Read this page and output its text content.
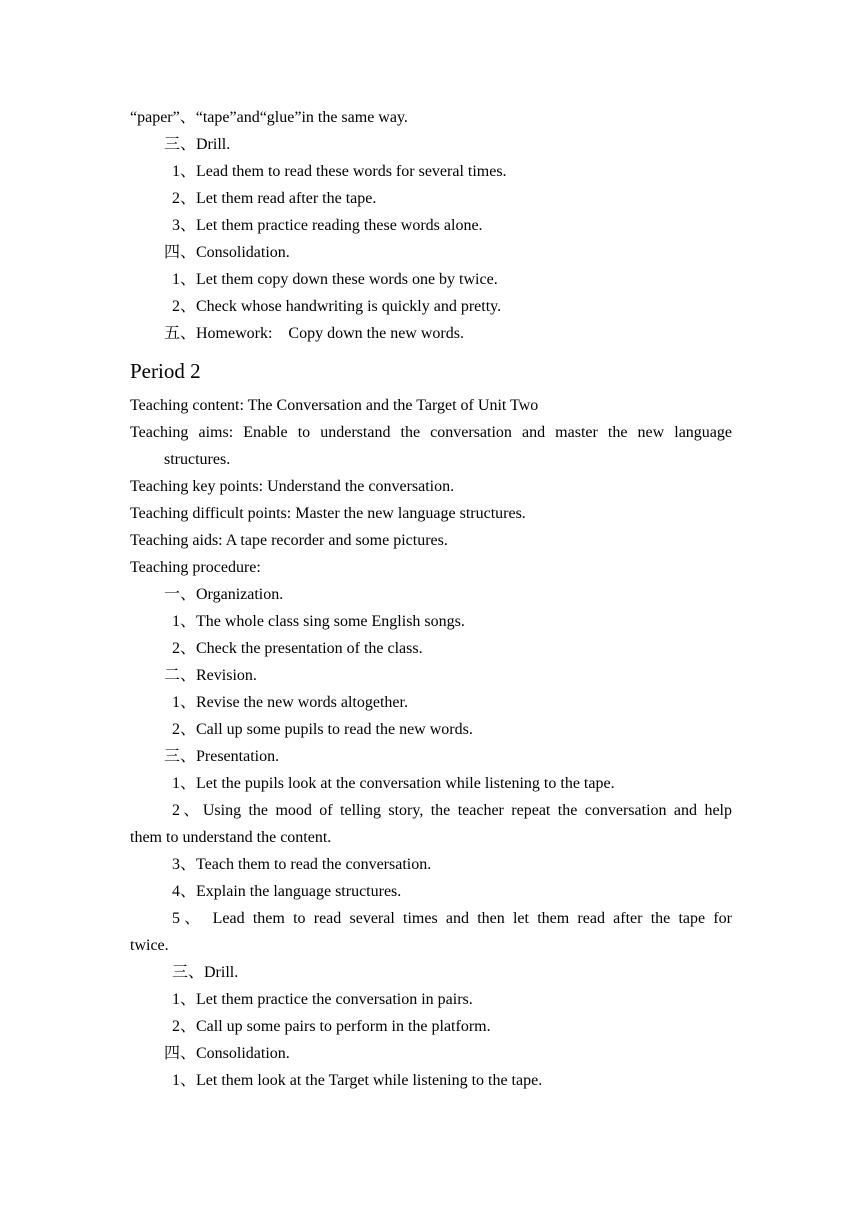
“paper”、“tape”and“glue”in the same way.
三、Drill.
1、Lead them to read these words for several times.
2、Let them read after the tape.
3、Let them practice reading these words alone.
四、Consolidation.
1、Let them copy down these words one by twice.
2、Check whose handwriting is quickly and pretty.
五、Homework:　Copy down the new words.
Period 2
Teaching content: The Conversation and the Target of Unit Two
Teaching aims: Enable to understand the conversation and master the new language
structures.
Teaching key points: Understand the conversation.
Teaching difficult points: Master the new language structures.
Teaching aids: A tape recorder and some pictures.
Teaching procedure:
一、Organization.
1、The whole class sing some English songs.
2、Check the presentation of the class.
二、Revision.
1、Revise the new words altogether.
2、Call up some pupils to read the new words.
三、Presentation.
1、Let the pupils look at the conversation while listening to the tape.
2、Using the mood of telling story, the teacher repeat the conversation and help
them to understand the content.
3、Teach them to read the conversation.
4、Explain the language structures.
5、 Lead them to read several times and then let them read after the tape for
twice.
三、Drill.
1、Let them practice the conversation in pairs.
2、Call up some pairs to perform in the platform.
四、Consolidation.
1、Let them look at the Target while listening to the tape.
